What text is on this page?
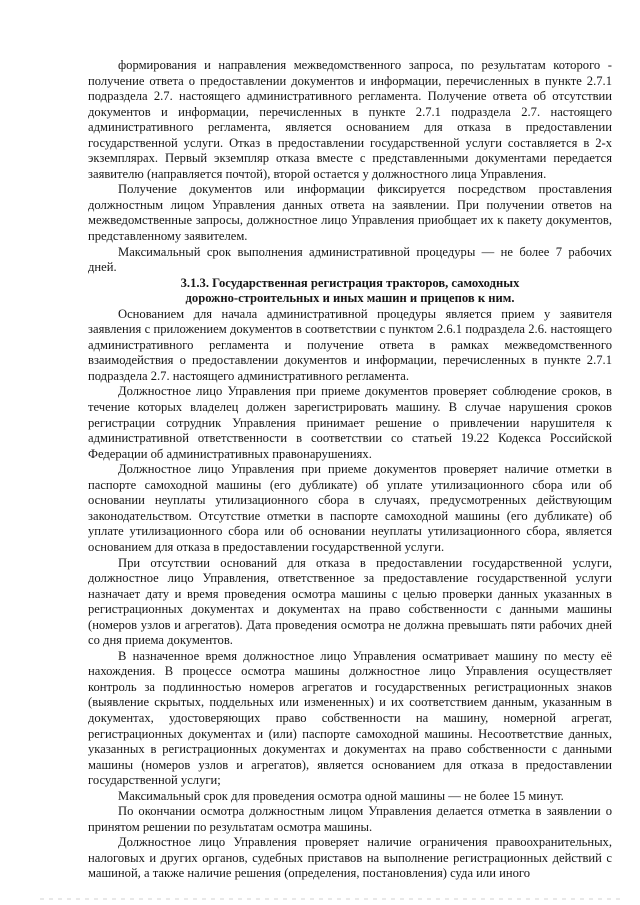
формирования и направления межведомственного запроса, по результатам которого - получение ответа о предоставлении документов и информации, перечисленных в пункте 2.7.1 подраздела 2.7. настоящего административного регламента. Получение ответа об отсутствии документов и информации, перечисленных в пункте 2.7.1 подраздела 2.7. настоящего административного регламента, является основанием для отказа в предоставлении государственной услуги. Отказ в предоставлении государственной услуги составляется в 2-х экземплярах. Первый экземпляр отказа вместе с представленными документами передается заявителю (направляется почтой), второй остается у должностного лица Управления.

Получение документов или информации фиксируется посредством проставления должностным лицом Управления данных ответа на заявлении. При получении ответов на межведомственные запросы, должностное лицо Управления приобщает их к пакету документов, представленному заявителем.

Максимальный срок выполнения административной процедуры — не более 7 рабочих дней.

3.1.3. Государственная регистрация тракторов, самоходных
дорожно-строительных и иных машин и прицепов к ним.

Основанием для начала административной процедуры является прием у заявителя заявления с приложением документов в соответствии с пунктом 2.6.1 подраздела 2.6. настоящего административного регламента и получение ответа в рамках межведомственного взаимодействия о предоставлении документов и информации, перечисленных в пункте 2.7.1 подраздела 2.7. настоящего административного регламента.

Должностное лицо Управления при приеме документов проверяет соблюдение сроков, в течение которых владелец должен зарегистрировать машину. В случае нарушения сроков регистрации сотрудник Управления принимает решение о привлечении нарушителя к административной ответственности в соответствии со статьей 19.22 Кодекса Российской Федерации об административных правонарушениях.

Должностное лицо Управления при приеме документов проверяет наличие отметки в паспорте самоходной машины (его дубликате) об уплате утилизационного сбора или об основании неуплаты утилизационного сбора в случаях, предусмотренных действующим законодательством. Отсутствие отметки в паспорте самоходной машины (его дубликате) об уплате утилизационного сбора или об основании неуплаты утилизационного сбора, является основанием для отказа в предоставлении государственной услуги.

При отсутствии оснований для отказа в предоставлении государственной услуги, должностное лицо Управления, ответственное за предоставление государственной услуги назначает дату и время проведения осмотра машины с целью проверки данных указанных в регистрационных документах и документах на право собственности с данными машины (номеров узлов и агрегатов). Дата проведения осмотра не должна превышать пяти рабочих дней со дня приема документов.

В назначенное время должностное лицо Управления осматривает машину по месту её нахождения. В процессе осмотра машины должностное лицо Управления осуществляет контроль за подлинностью номеров агрегатов и государственных регистрационных знаков (выявление скрытых, поддельных или измененных) и их соответствием данным, указанным в документах, удостоверяющих право собственности на машину, номерной агрегат, регистрационных документах и (или) паспорте самоходной машины. Несоответствие данных, указанных в регистрационных документах и документах на право собственности с данными машины (номеров узлов и агрегатов), является основанием для отказа в предоставлении государственной услуги;

Максимальный срок для проведения осмотра одной машины — не более 15 минут.

По окончании осмотра должностным лицом Управления делается отметка в заявлении о принятом решении по результатам осмотра машины.

Должностное лицо Управления проверяет наличие ограничения правоохранительных, налоговых и других органов, судебных приставов на выполнение регистрационных действий с машиной, а также наличие решения (определения, постановления) суда или иного
